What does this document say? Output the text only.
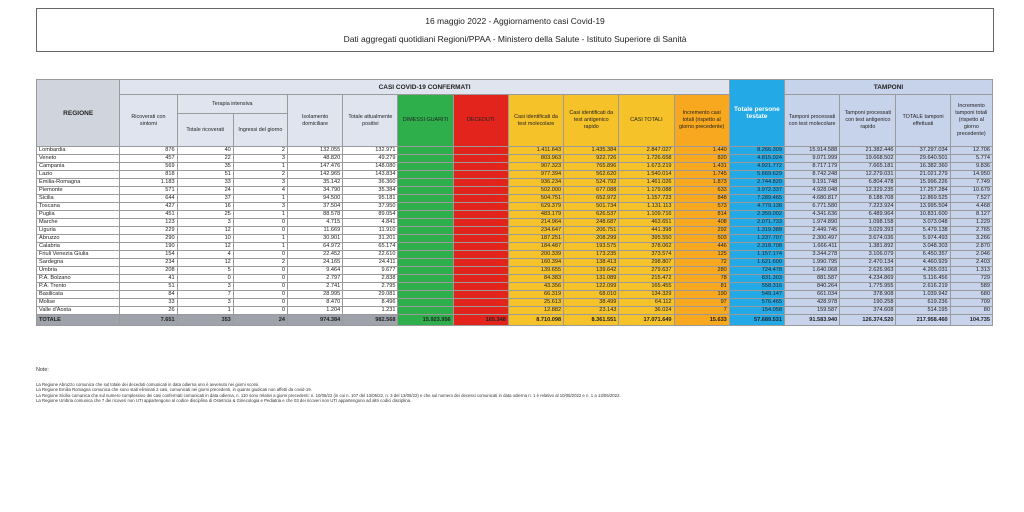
16 maggio 2022 - Aggiornamento casi Covid-19
Dati aggregati quotidiani Regioni/PPAA - Ministero della Salute - Istituto Superiore di Sanità
REGIONE	CASI COVID-19 CONFERMATI											Totale persone testate	TAMPONI			
	Ricoverati con sintomi	Terapia intensiva		Isolamento domiciliare	Totale attualmente positivi	DIMESSI GUARITI	DECEDUTI	Casi identificati da test molecolare	Casi identificati da test antigenico rapido	CASI TOTALI	Incremento casi totali (rispetto al giorno precedente)		Tamponi processati con test molecolare	Tamponi processati con test antigenico rapido	TOTALE tamponi effettuati	Incremento tamponi totali (rispetto al giorno precedente)
		Totale ricoverati	Ingressi del giorno													
Lombardia	876	40	2	132.055	132.971	2.673.751	40.305	1.411.643	1.435.384	2.847.027	1.440	8.266.309	15.914.588	21.382.446	37.297.034	12.706
Veneto	457	22	3	48.820	49.279	1.662.781	14.598	803.963	922.726	1.726.658	820	4.815.024	9.071.999	19.668.502	29.640.501	5.774
Campania	569	35	1	147.476	148.080	1.514.730	10.409	907.323	765.896	1.673.219	1.431	4.921.772	8.717.179	7.665.181	16.382.360	9.836
Lazio	818	51	2	142.965	143.834	1.384.936	11.244	977.394	562.620	1.540.014	1.745	5.669.629	8.742.248	12.279.031	21.021.279	14.950
Emilia-Romagna	1.183	33	3	35.142	36.360	1.407.857	16.809	936.234	524.792	1.461.026	1.873	2.744.820	9.191.748	6.804.478	15.996.226	7.749
Piemonte	571	24	4	34.790	35.384	1.130.308	13.388	502.000	677.088	1.179.088	633	3.972.337	4.928.048	12.329.235	17.257.284	10.679
Sicilia	644	37	1	94.500	95.181	1.051.774	10.768	504.751	652.972	1.157.723	848	7.289.465	4.680.817	8.188.708	12.869.525	7.527
Toscana	427	16	3	37.504	37.950	1.083.156	10.007	629.379	501.734	1.131.113	573	4.779.138	6.771.580	7.223.924	13.995.504	4.468
Puglia	451	25	1	88.578	89.054	1.012.265	8.397	483.179	626.537	1.109.716	814	2.359.002	4.341.636	6.489.964	10.831.600	8.127
Marche	123	3	0	4.715	4.841	454.933	3.877	214.964	248.687	463.651	408	2.071.733	1.974.890	1.098.158	3.073.048	1.229
Liguria	229	12	0	11.669	11.910	424.185	5.303	234.647	206.751	441.398	292	1.319.388	2.449.745	3.029.393	5.479.138	2.765
Abruzzo	290	10	1	30.901	31.201	361.082	3.267	187.251	208.299	395.550	503	1.237.707	2.300.497	3.674.036	5.974.493	3.266
Calabria	190	12	1	64.972	65.174	310.327	2.561	184.487	193.575	378.062	446	2.318.708	1.666.411	1.381.892	3.048.303	2.870
Friuli Venezia Giulia	154	4	0	22.452	22.610	345.897	5.067	200.339	173.235	373.574	125	1.157.174	3.344.278	3.106.079	6.450.357	2.046
Sardegna	234	12	2	24.165	24.411	271.986	2.410	160.394	138.413	298.807	72	1.621.600	1.990.795	2.470.134	4.460.929	2.403
Umbria	208	5	0	9.464	9.677	268.121	1.839	139.655	139.642	279.637	280	724.478	1.640.068	2.626.963	4.265.031	1.313
P.A. Bolzano	41	0	0	2.797	2.838	211.163	1.471	84.383	131.089	215.472	78	831.303	881.587	4.234.869	5.116.456	729
P.A. Trento	51	3	0	2.741	2.795	161.100	1.560	43.356	122.099	165.455	81	558.316	840.264	1.775.955	2.616.219	589
Basilicata	84	7	0	28.995	29.081	104.339	909	66.319	68.010	134.329	190	549.147	661.034	378.908	1.039.942	680
Molise	33	3	0	8.470	8.496	54.902	624	25.613	38.499	64.112	97	576.465	428.978	190.258	619.236	709
Valle d'Aosta	26	1	0	1.204	1.231	34.258	535	12.882	23.143	36.024	7	154.058	159.587	374.608	514.195	80
TOTALE	7.651	353	24	974.384	982.568	15.923.956	165.348	8.710.098	8.361.551	17.071.649	15.633	57.689.531	91.583.940	126.374.520	217.958.460	104.735
Note:
La Regione Abruzzo comunica che sul totale dei deceduti comunicati in data odierna uno è avvenuto nei giorni scorsi.
La Regione Emilia Romagna comunica che sono stati eliminati 2 casi, comunicati nei giorni precedenti, in quanto giudicati non affetti da covid-19.
La Regione Sicilia comunica che sul numero complessivo dei casi confermati comunicati in data odierna, n. 110 sono relativi a giorni precedenti: n. 10/05/22 (in cui n. 107 del 13/05/22, n. 3 del 13/05/22) e che sul numero dei decessi comunicati in data odierna n. 1 è relativo al 10/05/2022 e n. 1 a 13/05/2022.
La Regione Umbria comunica che 7 dei ricoveri non UTI appartengono al codice disciplina di Ostetricia & Ginecologia e Pediatria e che 03 dei ricoveri non UTI appartengono ad altri codici disciplina.
